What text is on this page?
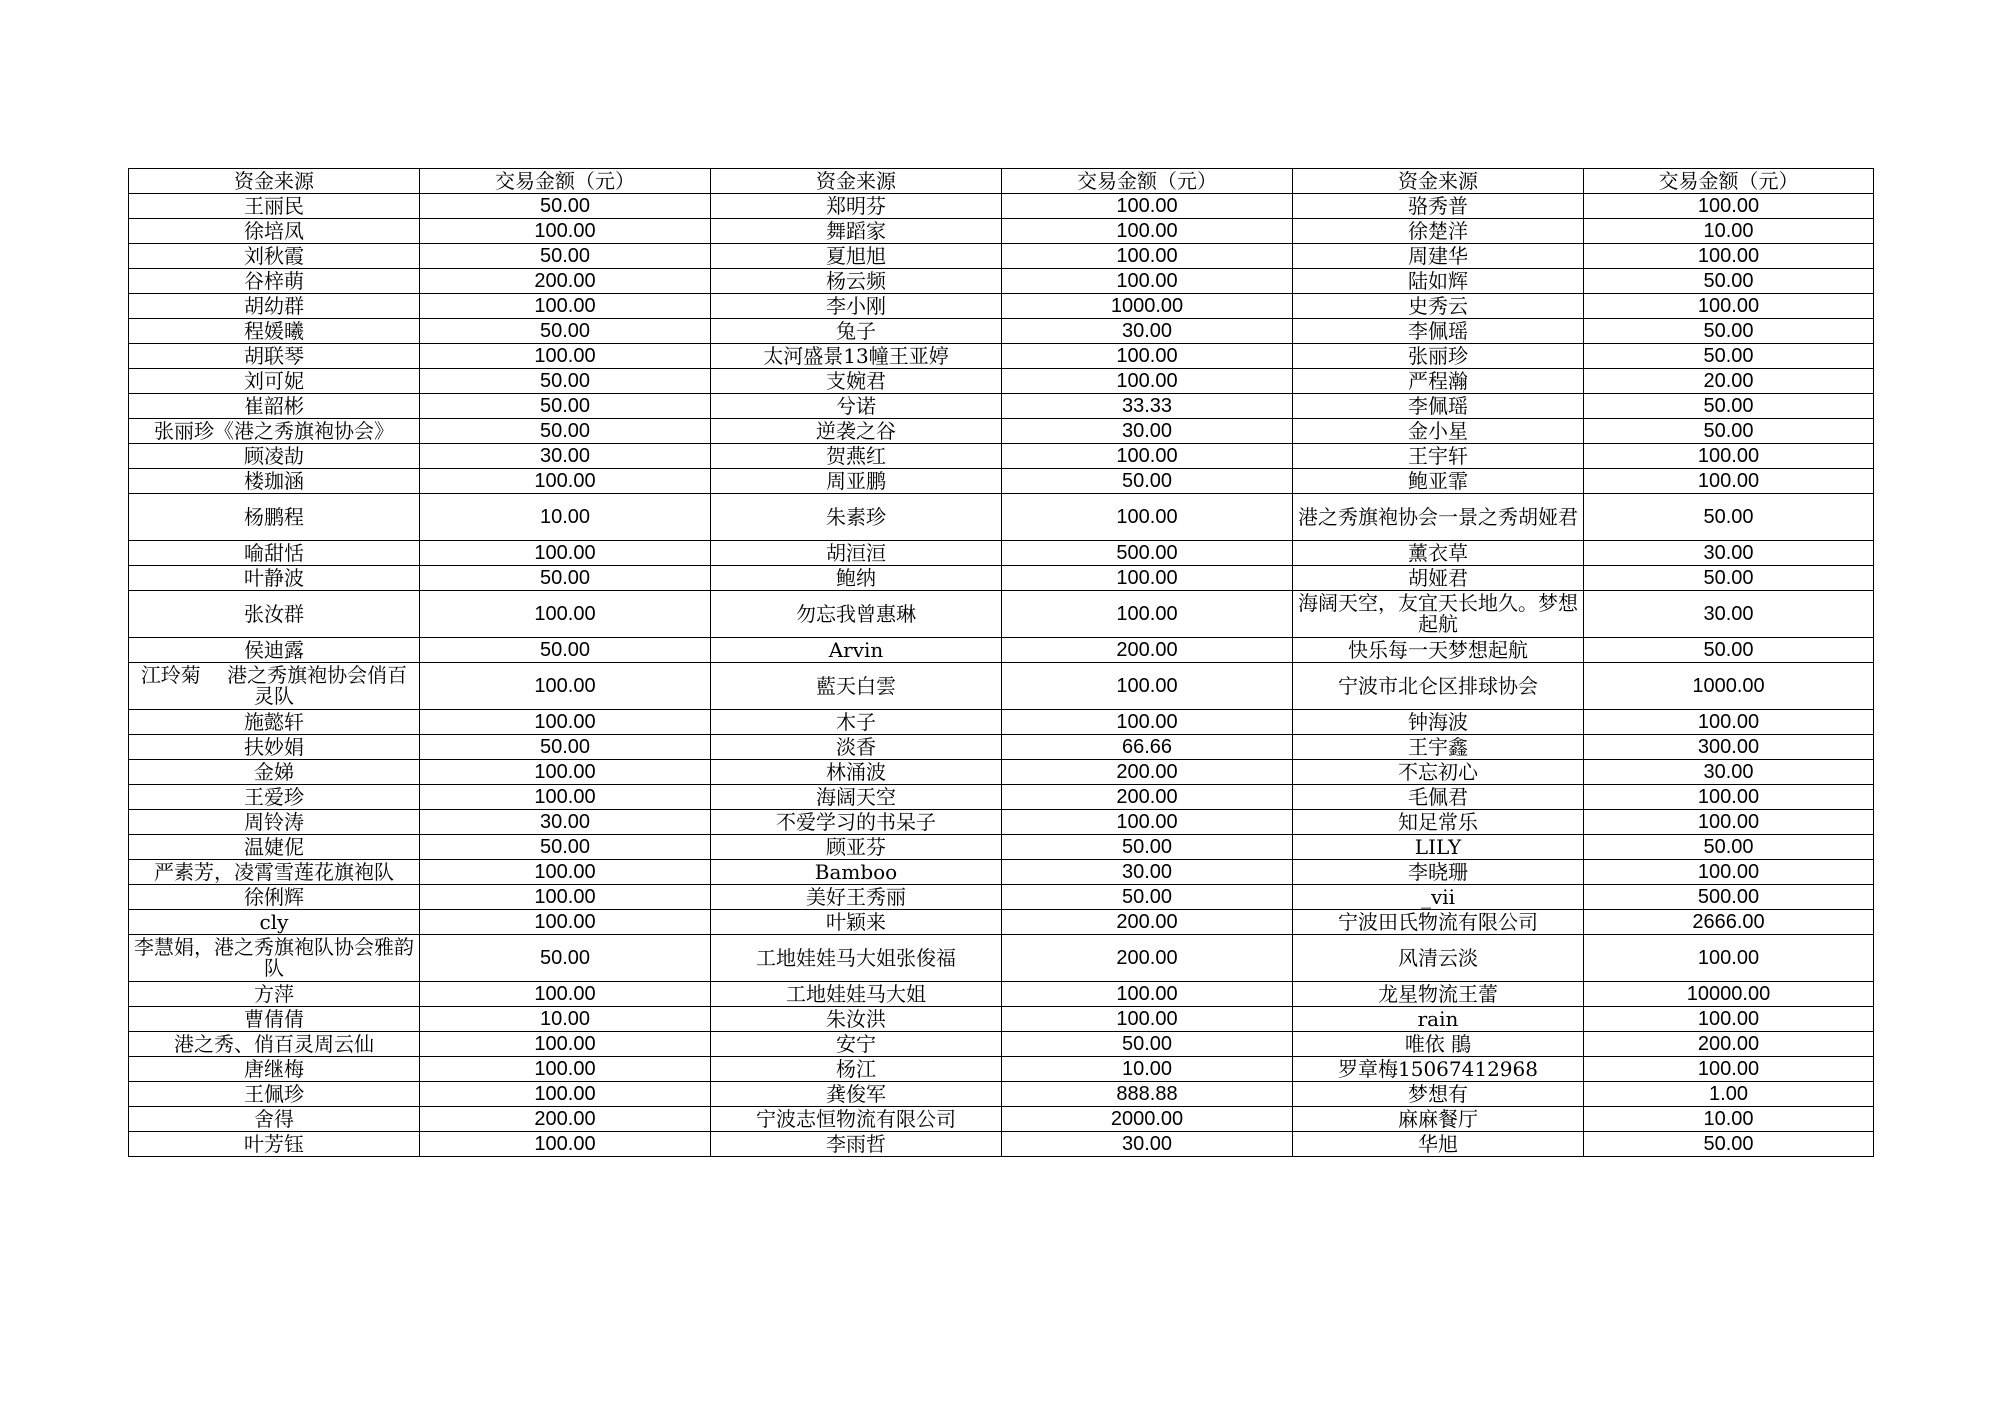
资金来源	交易金额（元）	资金来源	交易金额（元）	资金来源	交易金额（元）
王丽民	50.00	郑明芬	100.00	骆秀普	100.00
徐培凤	100.00	舞蹈家	100.00	徐楚洋	10.00
刘秋霞	50.00	夏旭旭	100.00	周建华	100.00
谷梓萌	200.00	杨云频	100.00	陆如辉	50.00
胡幼群	100.00	李小刚	1000.00	史秀云	100.00
程媛曦	50.00	兔子	30.00	李佩瑶	50.00
胡联琴	100.00	太河盛景13幢王亚婷	100.00	张丽珍	50.00
刘可妮	50.00	支婉君	100.00	严程瀚	20.00
崔韶彬	50.00	兮诺	33.33	李佩瑶	50.00
张丽珍《港之秀旗袍协会》	50.00	逆袭之谷	30.00	金小星	50.00
顾凌劼	30.00	贺燕红	100.00	王宇轩	100.00
楼珈涵	100.00	周亚鹏	50.00	鲍亚霏	100.00
杨鹏程	10.00	朱素珍	100.00	港之秀旗袍协会一景之秀胡娅君	50.00
喻甜恬	100.00	胡洹洹	500.00	薰衣草	30.00
叶静波	50.00	鲍纳	100.00	胡娅君	50.00
张汝群	100.00	勿忘我曾惠琳	100.00	海阔天空，友宜天长地久。梦想起航	30.00
侯迪露	50.00	Arvin	200.00	快乐每一天梦想起航	50.00
江玲菊　 港之秀旗袍协会俏百灵队	100.00	藍天白雲	100.00	宁波市北仑区排球协会	1000.00
施懿轩	100.00	木子	100.00	钟海波	100.00
扶妙娟	50.00	淡香	66.66	王宇鑫	300.00
金娣	100.00	林涌波	200.00	不忘初心	30.00
王爱珍	100.00	海阔天空	200.00	毛佩君	100.00
周铃涛	30.00	不爱学习的书呆子	100.00	知足常乐	100.00
温婕伲	50.00	顾亚芬	50.00	LILY	50.00
严素芳，凌霄雪莲花旗袍队	100.00	Bamboo	30.00	李晓珊	100.00
徐俐辉	100.00	美好王秀丽	50.00	_vii	500.00
cly	100.00	叶颖来	200.00	宁波田氏物流有限公司	2666.00
李慧娟，港之秀旗袍队协会雅韵队	50.00	工地娃娃马大姐张俊福	200.00	风清云淡	100.00
方萍	100.00	工地娃娃马大姐	100.00	龙星物流王蕾	10000.00
曹倩倩	10.00	朱汝洪	100.00	rain	100.00
港之秀、俏百灵周云仙	100.00	安宁	50.00	唯依 鵑	200.00
唐继梅	100.00	杨江	10.00	罗章梅15067412968	100.00
王佩珍	100.00	龚俊军	888.88	梦想有	1.00
舍得	200.00	宁波志恒物流有限公司	2000.00	麻麻餐厅	10.00
叶芳钰	100.00	李雨哲	30.00	华旭	50.00
